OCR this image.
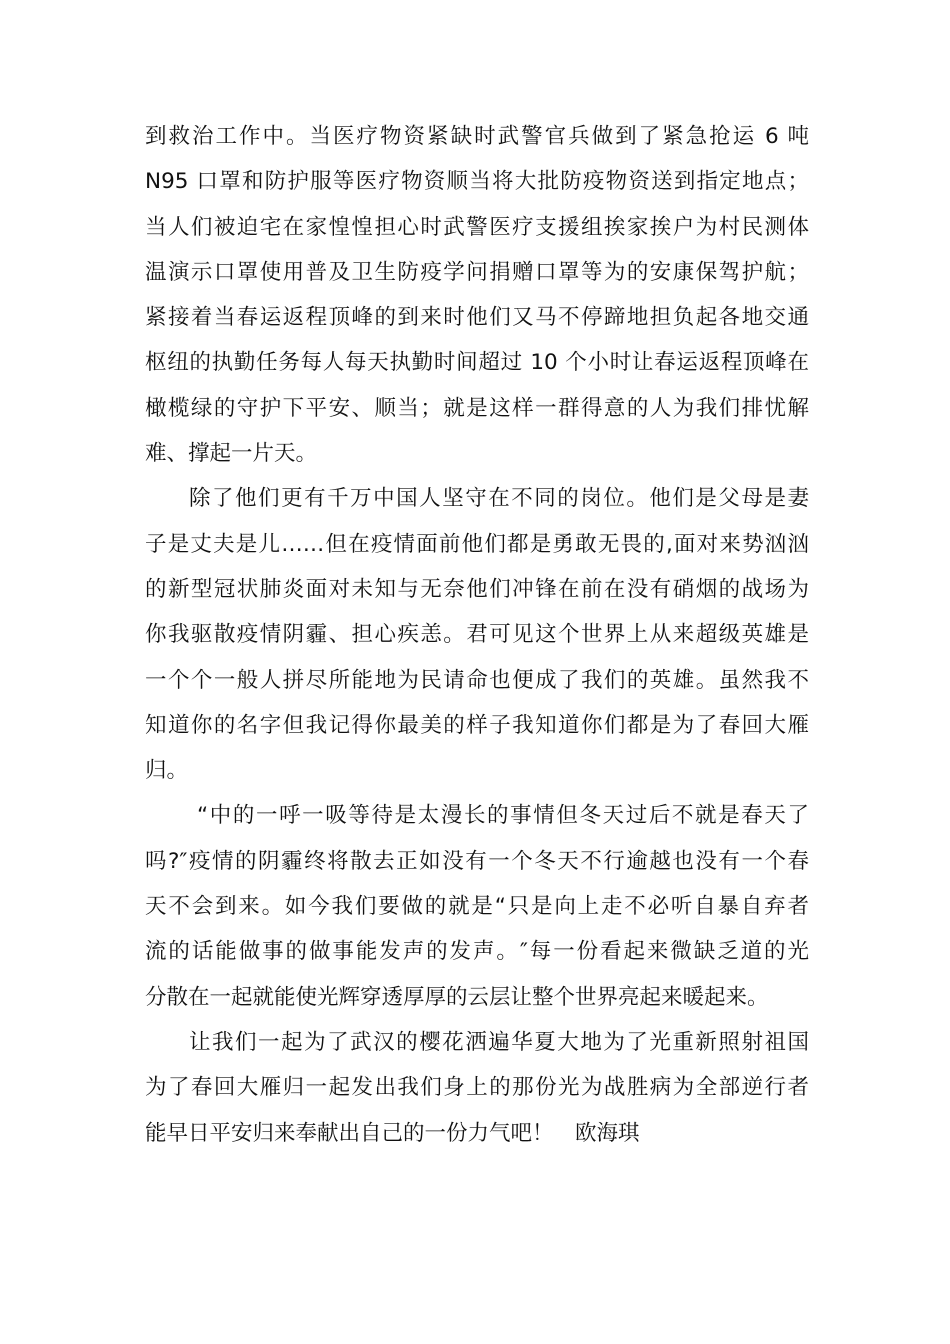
到救治工作中。当医疗物资紧缺时武警官兵做到了紧急抢运 6 吨
N95 口罩和防护服等医疗物资顺当将大批防疫物资送到指定地点；
当人们被迫宅在家惶惶担心时武警医疗支援组挨家挨户为村民测体
温演示口罩使用普及卫生防疫学问捐赠口罩等为的安康保驾护航；
紧接着当春运返程顶峰的到来时他们又马不停蹄地担负起各地交通
枢纽的执勤任务每人每天执勤时间超过 10 个小时让春运返程顶峰在
橄榄绿的守护下平安、顺当；就是这样一群得意的人为我们排忧解
难、撑起一片天。
除了他们更有千万中国人坚守在不同的岗位。他们是父母是妻
子是丈夫是儿……但在疫情面前他们都是勇敢无畏的,面对来势汹汹
的新型冠状肺炎面对未知与无奈他们冲锋在前在没有硝烟的战场为
你我驱散疫情阴霾、担心疾恙。君可见这个世界上从来超级英雄是
一个个一般人拼尽所能地为民请命也便成了我们的英雄。虽然我不
知道你的名字但我记得你最美的样子我知道你们都是为了春回大雁
归。
“中的一呼一吸等待是太漫长的事情但冬天过后不就是春天了
吗?″疫情的阴霾终将散去正如没有一个冬天不行逾越也没有一个春
天不会到来。如今我们要做的就是“只是向上走不必听自暴自弃者
流的话能做事的做事能发声的发声。″每一份看起来微缺乏道的光
分散在一起就能使光辉穿透厚厚的云层让整个世界亮起来暖起来。
让我们一起为了武汉的樱花洒遍华夏大地为了光重新照射祖国
为了春回大雁归一起发出我们身上的那份光为战胜病为全部逆行者
能早日平安归来奉献出自己的一份力气吧！　欧海琪
